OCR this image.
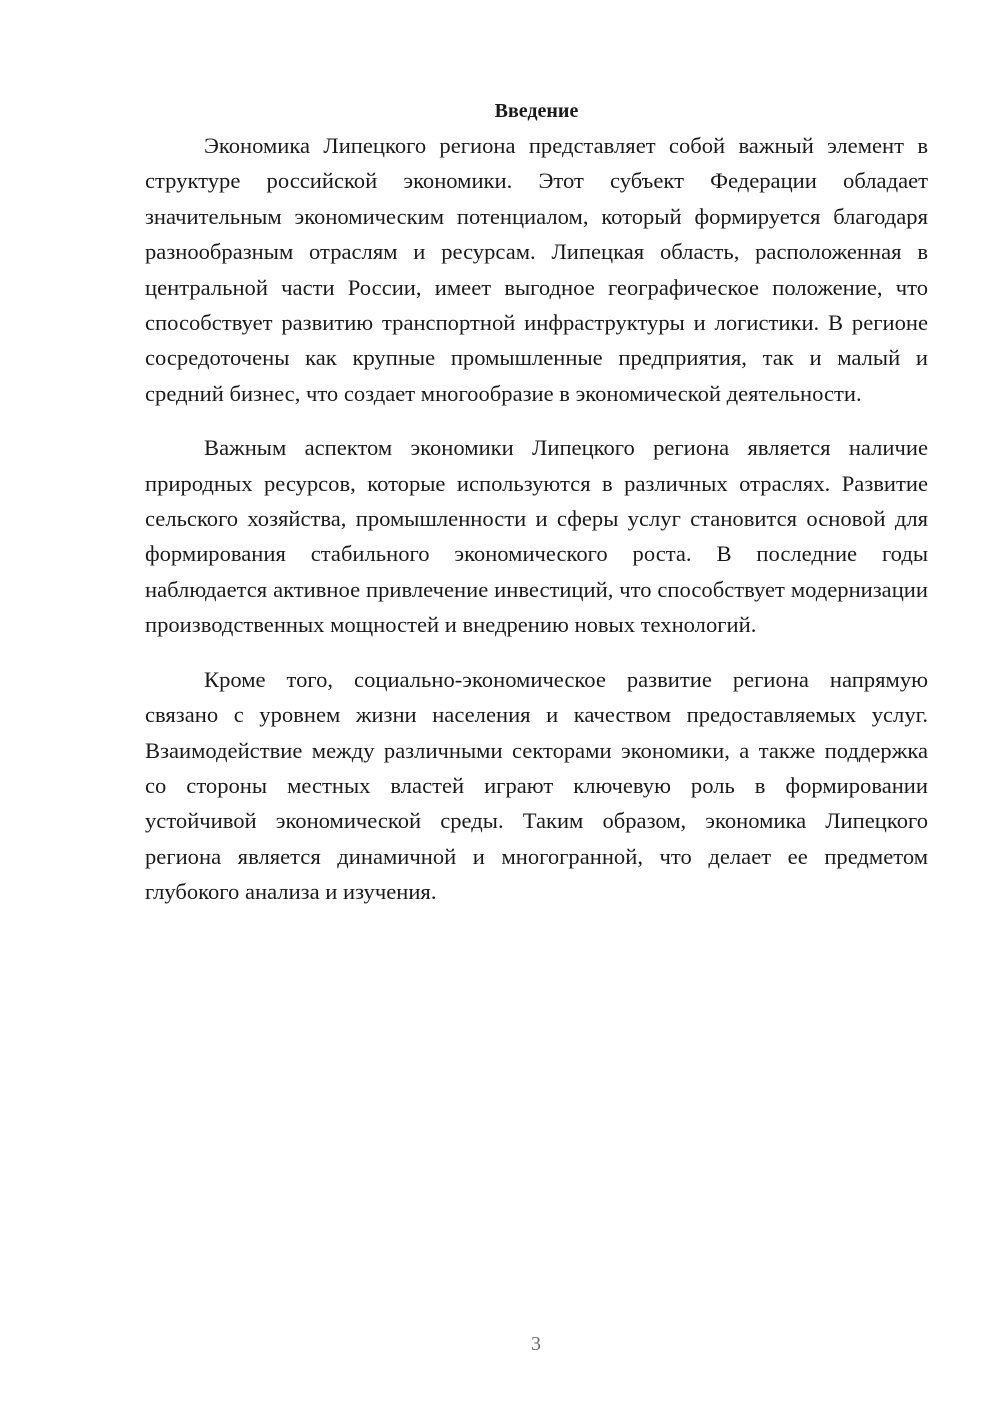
Введение

Экономика Липецкого региона представляет собой важный элемент в структуре российской экономики. Этот субъект Федерации обладает значительным экономическим потенциалом, который формируется благодаря разнообразным отраслям и ресурсам. Липецкая область, расположенная в центральной части России, имеет выгодное географическое положение, что способствует развитию транспортной инфраструктуры и логистики. В регионе сосредоточены как крупные промышленные предприятия, так и малый и средний бизнес, что создает многообразие в экономической деятельности.

Важным аспектом экономики Липецкого региона является наличие природных ресурсов, которые используются в различных отраслях. Развитие сельского хозяйства, промышленности и сферы услуг становится основой для формирования стабильного экономического роста. В последние годы наблюдается активное привлечение инвестиций, что способствует модернизации производственных мощностей и внедрению новых технологий.

Кроме того, социально-экономическое развитие региона напрямую связано с уровнем жизни населения и качеством предоставляемых услуг. Взаимодействие между различными секторами экономики, а также поддержка со стороны местных властей играют ключевую роль в формировании устойчивой экономической среды. Таким образом, экономика Липецкого региона является динамичной и многогранной, что делает ее предметом глубокого анализа и изучения.

3
